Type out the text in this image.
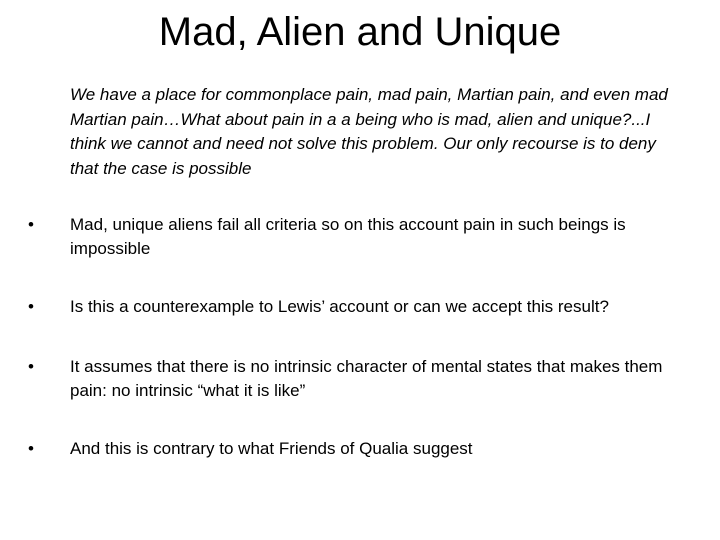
Mad, Alien and Unique
We have a place for commonplace pain, mad pain, Martian pain, and even mad Martian pain…What about pain in a a being who is mad, alien and unique?...I think we cannot and need not solve this problem. Our only recourse is to deny that the case is possible
•	Mad, unique aliens fail all criteria so on this account pain in such beings is impossible
•	Is this a counterexample to Lewis’ account or can we accept this result?
•	It assumes that there is no intrinsic character of mental states that makes them pain: no intrinsic “what it is like”
•	And this is contrary to what Friends of Qualia suggest
